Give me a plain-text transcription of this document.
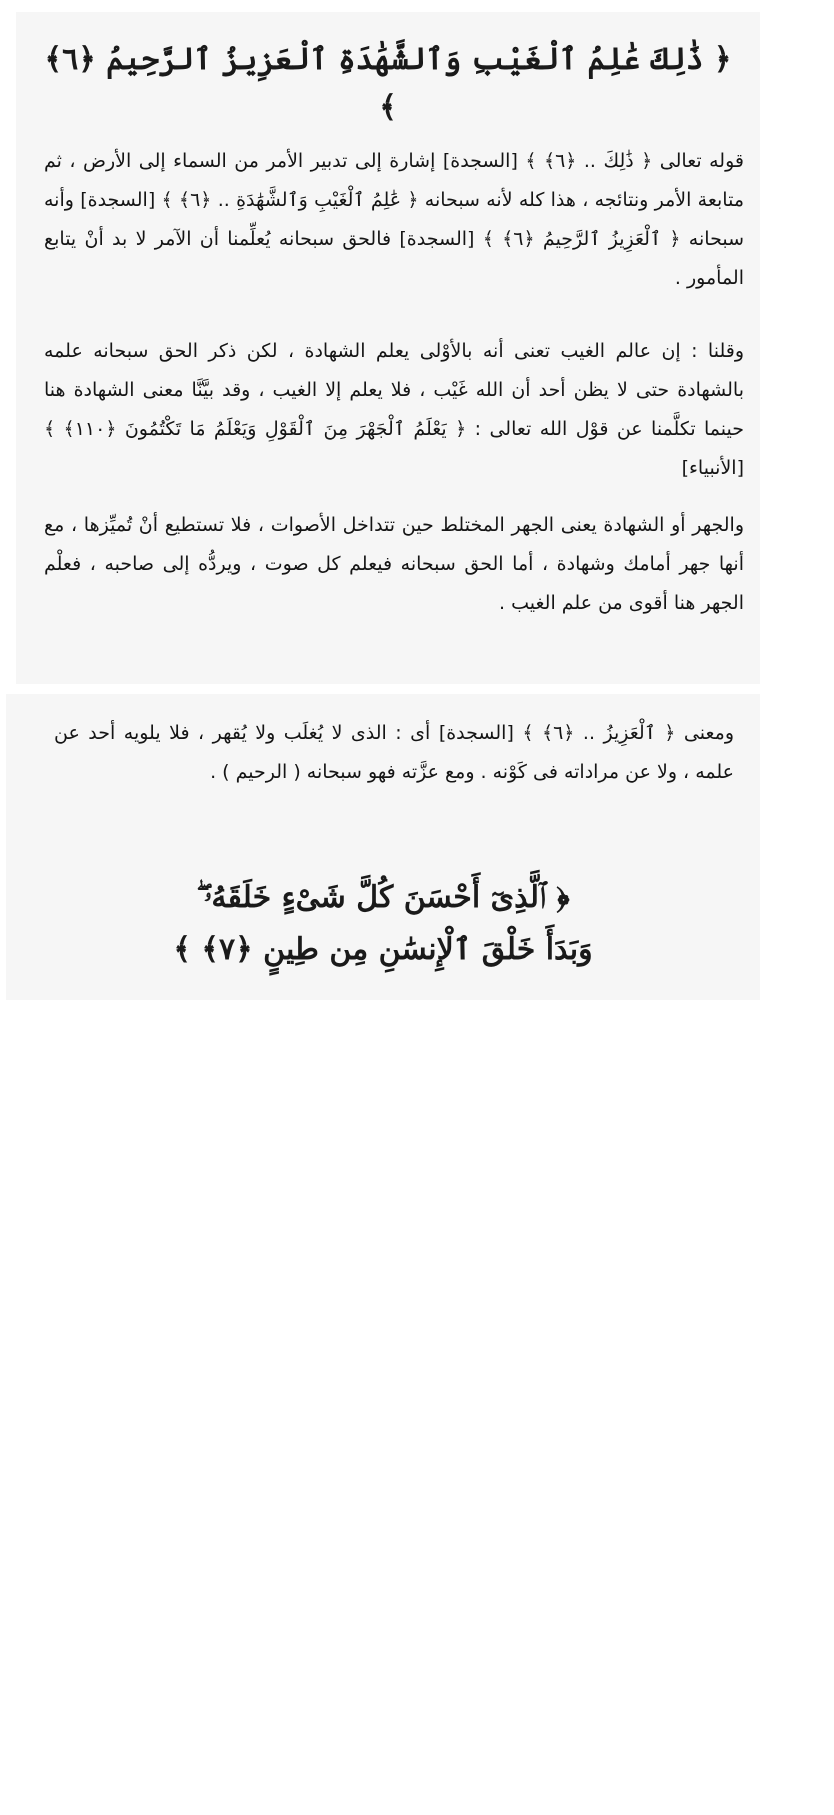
﴿ ذَٰلِكَ عَٰلِمُ ٱلْغَيْبِ وَٱلشَّهَٰدَةِ ٱلْعَزِيزُ ٱلرَّحِيمُ ﴿٦﴾ ﴾

قوله تعالى ﴿ ذَٰلِكَ .. ﴿٦﴾ ﴾ [السجدة] إشارة إلى تدبير الأمر من السماء إلى الأرض ، ثم متابعة الأمر ونتائجه ، هذا كله لأنه سبحانه ﴿ عَٰلِمُ ٱلْغَيْبِ وَٱلشَّهَٰدَةِ .. ﴿٦﴾ ﴾ [السجدة] وأنه سبحانه ﴿ ٱلْعَزِيزُ ٱلرَّحِيمُ ﴿٦﴾ ﴾ [السجدة] فالحق سبحانه يُعلِّمنا أن الآمر لا بد أنْ يتابع المأمور .

وقلنا : إن عالم الغيب تعنى أنه بالأوْلى يعلم الشهادة ، لكن ذكر الحق سبحانه علمه بالشهادة حتى لا يظن أحد أن الله غَيْب ، فلا يعلم إلا الغيب ، وقد بيَّنَّا معنى الشهادة هنا حينما تكلَّمنا عن قوْل الله تعالى : ﴿ يَعْلَمُ ٱلْجَهْرَ مِنَ ٱلْقَوْلِ وَيَعْلَمُ مَا تَكْتُمُونَ ﴿١١٠﴾ ﴾ [الأنبياء]

والجهر أو الشهادة يعنى الجهر المختلط حين تتداخل الأصوات ، فلا تستطيع أنْ تُميِّزها ، مع أنها جهر أمامك وشهادة ، أما الحق سبحانه فيعلم كل صوت ، ويردُّه إلى صاحبه ، فعلْم الجهر هنا أقوى من علم الغيب .

ومعنى ﴿ ٱلْعَزِيزُ .. ﴿٦﴾ ﴾ [السجدة] أى : الذى لا يُغلَب ولا يُقهر ، فلا يلويه أحد عن علمه ، ولا عن مراداته فى كَوْنه . ومع عزَّته فهو سبحانه ( الرحيم ) .

﴿ ٱلَّذِىٓ أَحْسَنَ كُلَّ شَىْءٍ خَلَقَهُۥ ۖ
وَبَدَأَ خَلْقَ ٱلْإِنسَٰنِ مِن طِينٍ ﴿٧﴾ ﴾
